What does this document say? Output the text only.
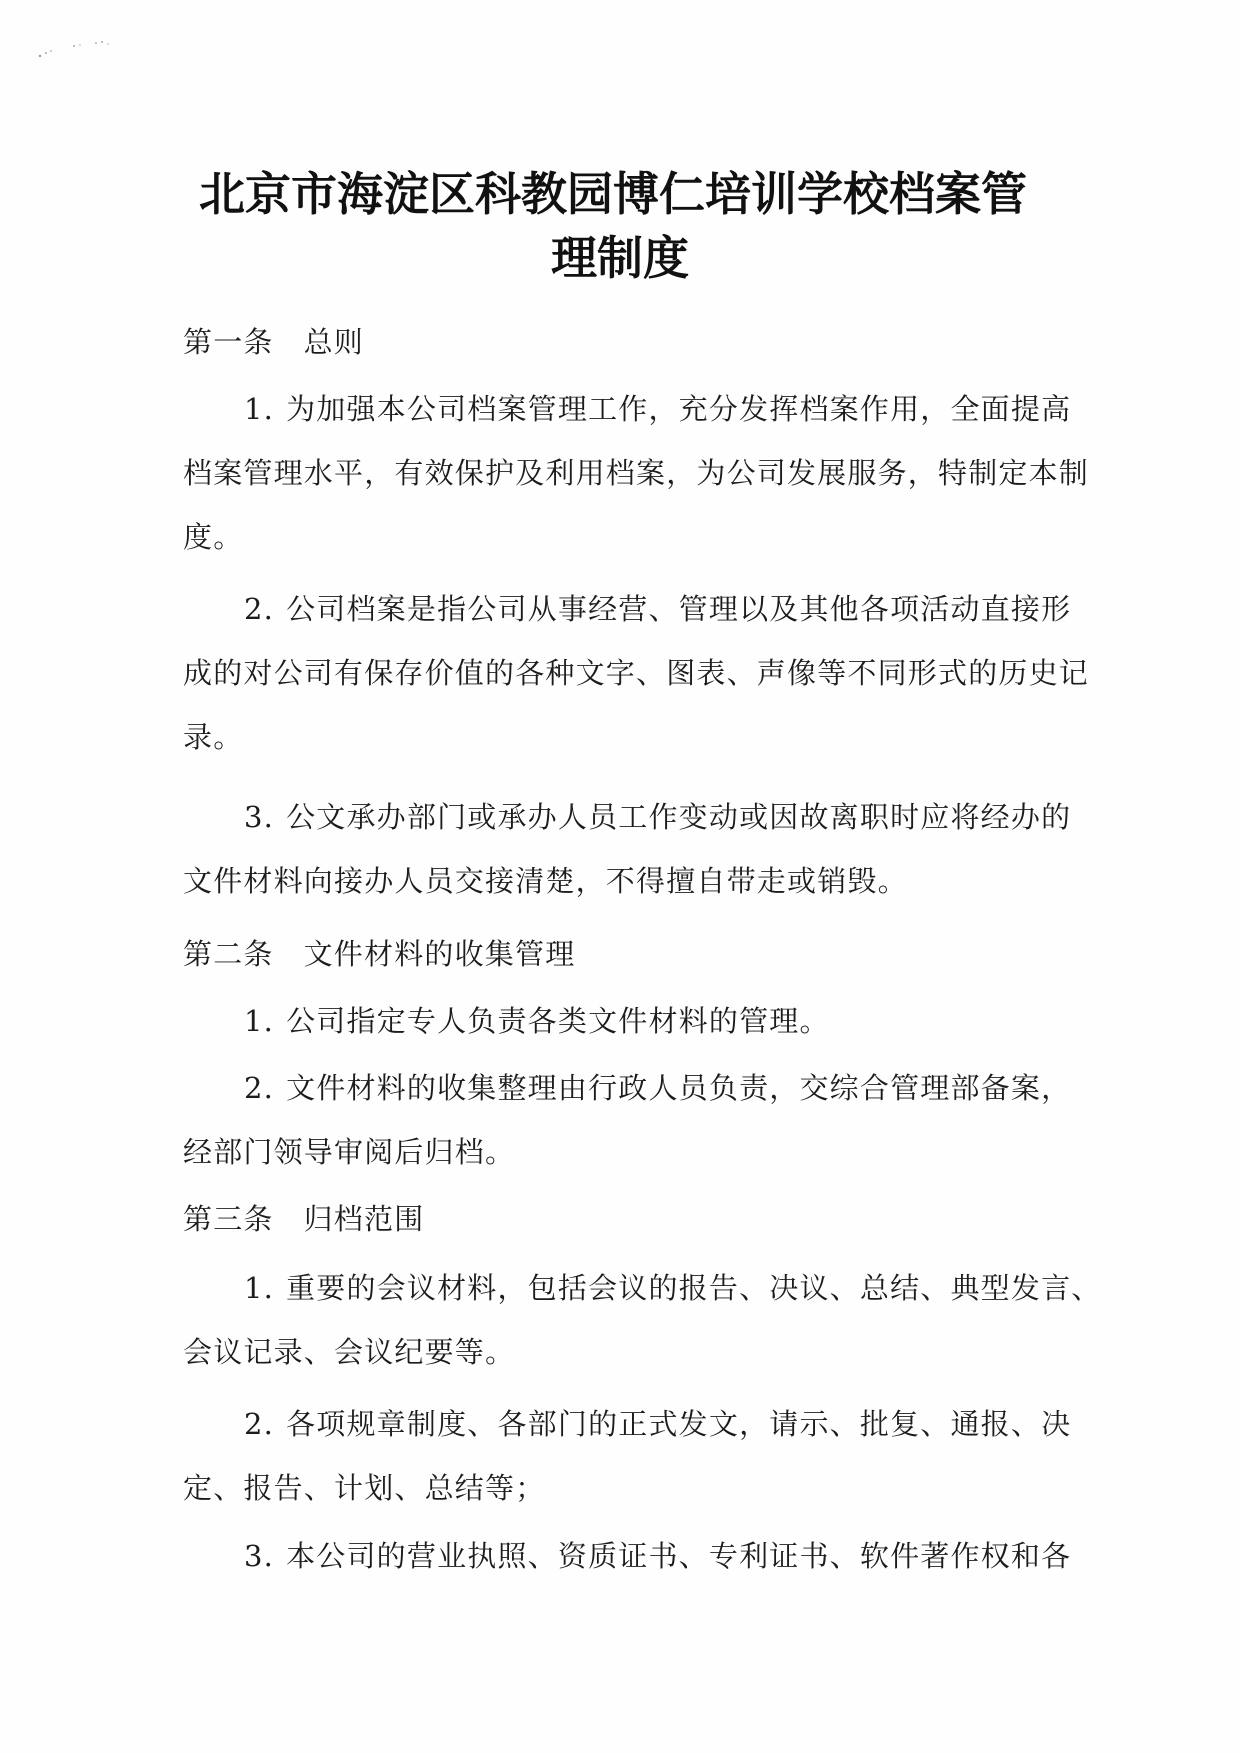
北京市海淀区科教园博仁培训学校档案管
理制度
第一条 总则
1. 为加强本公司档案管理工作，充分发挥档案作用，全面提高
档案管理水平，有效保护及利用档案，为公司发展服务，特制定本制
度。
2. 公司档案是指公司从事经营、管理以及其他各项活动直接形
成的对公司有保存价值的各种文字、图表、声像等不同形式的历史记
录。
3. 公文承办部门或承办人员工作变动或因故离职时应将经办的
文件材料向接办人员交接清楚，不得擅自带走或销毁。
第二条 文件材料的收集管理
1. 公司指定专人负责各类文件材料的管理。
2. 文件材料的收集整理由行政人员负责，交综合管理部备案，
经部门领导审阅后归档。
第三条 归档范围
1. 重要的会议材料，包括会议的报告、决议、总结、典型发言、
会议记录、会议纪要等。
2. 各项规章制度、各部门的正式发文，请示、批复、通报、决
定、报告、计划、总结等；
3. 本公司的营业执照、资质证书、专利证书、软件著作权和各
